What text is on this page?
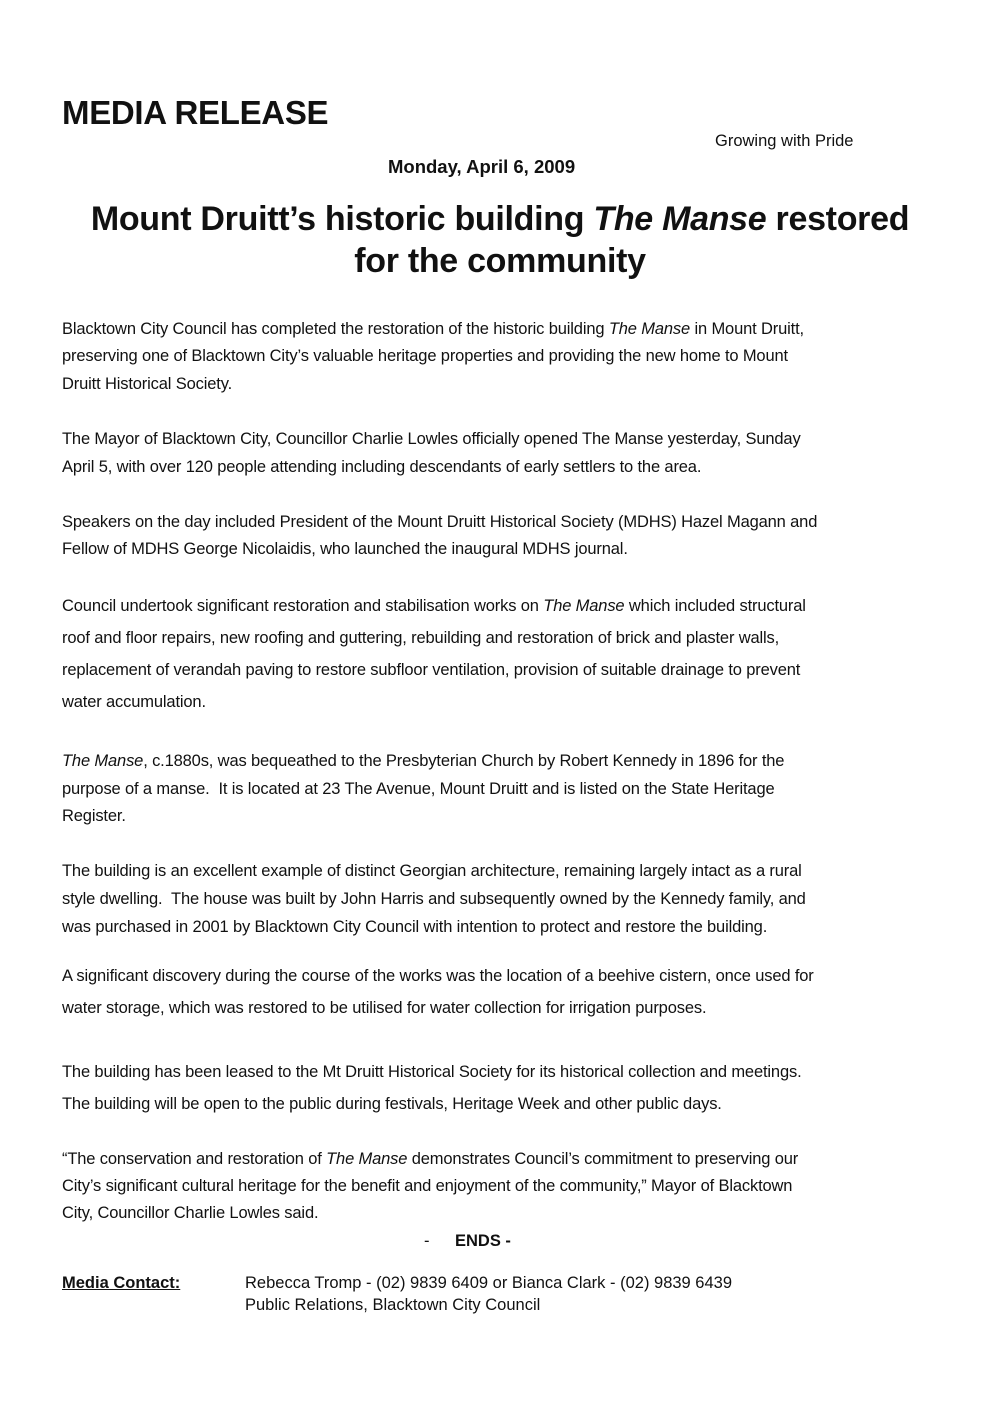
MEDIA RELEASE
Growing with Pride
Monday, April 6, 2009
Mount Druitt’s historic building The Manse restored
for the community
Blacktown City Council has completed the restoration of the historic building The Manse in Mount Druitt,
preserving one of Blacktown City’s valuable heritage properties and providing the new home to Mount
Druitt Historical Society.
The Mayor of Blacktown City, Councillor Charlie Lowles officially opened The Manse yesterday, Sunday
April 5, with over 120 people attending including descendants of early settlers to the area.
Speakers on the day included President of the Mount Druitt Historical Society (MDHS) Hazel Magann and
Fellow of MDHS George Nicolaidis, who launched the inaugural MDHS journal.
Council undertook significant restoration and stabilisation works on The Manse which included structural
roof and floor repairs, new roofing and guttering, rebuilding and restoration of brick and plaster walls,
replacement of verandah paving to restore subfloor ventilation, provision of suitable drainage to prevent
water accumulation.
The Manse, c.1880s, was bequeathed to the Presbyterian Church by Robert Kennedy in 1896 for the
purpose of a manse.  It is located at 23 The Avenue, Mount Druitt and is listed on the State Heritage
Register.
The building is an excellent example of distinct Georgian architecture, remaining largely intact as a rural
style dwelling.  The house was built by John Harris and subsequently owned by the Kennedy family, and
was purchased in 2001 by Blacktown City Council with intention to protect and restore the building.
A significant discovery during the course of the works was the location of a beehive cistern, once used for
water storage, which was restored to be utilised for water collection for irrigation purposes.
The building has been leased to the Mt Druitt Historical Society for its historical collection and meetings.
The building will be open to the public during festivals, Heritage Week and other public days.
“The conservation and restoration of The Manse demonstrates Council’s commitment to preserving our
City’s significant cultural heritage for the benefit and enjoyment of the community,” Mayor of Blacktown
City, Councillor Charlie Lowles said.
- ENDS -
Media Contact:	Rebecca Tromp - (02) 9839 6409 or Bianca Clark - (02) 9839 6439
Public Relations, Blacktown City Council
